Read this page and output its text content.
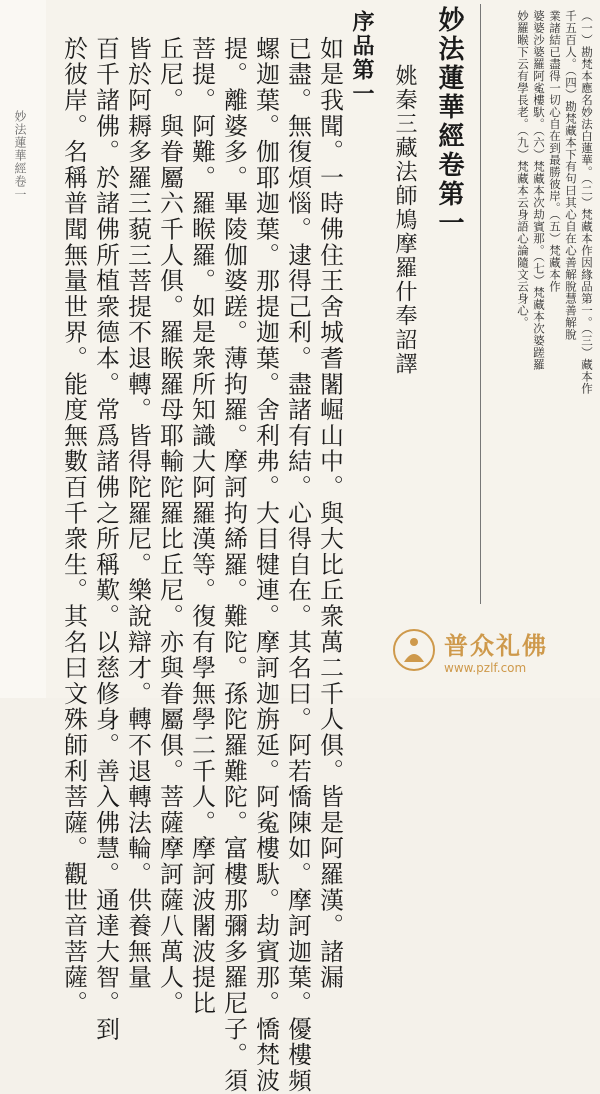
妙法蓮華經卷一	（一）勘梵本應名妙法白蓮華。（二）梵藏本作因緣品第一。（三）藏本作
千五百人。（四）勘梵藏本下有句曰其心自在心善解脫慧善解脫
業諸結已盡得一切心自在到最勝彼岸。（五）梵藏本作
婆婆沙婆羅阿㝹樓馱。（六）梵藏本次劫賓那。（七）梵藏本次婆蹉羅
妙羅睺下云有學長老。（九）梵藏本云身語心論隨文云身心。
妙法蓮華經卷第一
姚秦三藏法師鳩摩羅什奉詔譯
序品第一
如是我聞。一時佛住王舍城耆闍崛山中。與大比丘衆萬二千人俱。皆是阿羅漢。諸漏
已盡。無復煩惱。逮得己利。盡諸有結。心得自在。其名曰。阿若憍陳如。摩訶迦葉。優樓頻
螺迦葉。伽耶迦葉。那提迦葉。舍利弗。大目犍連。摩訶迦旃延。阿㝹樓馱。劫賓那。憍梵波
提。離婆多。畢陵伽婆蹉。薄拘羅。摩訶拘絺羅。難陀。孫陀羅難陀。富樓那彌多羅尼子。須
菩提。阿難。羅睺羅。如是衆所知識大阿羅漢等。復有學無學二千人。摩訶波闍波提比
丘尼。與眷屬六千人俱。羅睺羅母耶輸陀羅比丘尼。亦與眷屬俱。菩薩摩訶薩八萬人。
皆於阿耨多羅三藐三菩提不退轉。皆得陀羅尼。樂說辯才。轉不退轉法輪。供養無量
百千諸佛。於諸佛所植衆德本。常爲諸佛之所稱歎。以慈修身。善入佛慧。通達大智。到
於彼岸。名稱普聞無量世界。能度無數百千衆生。其名曰文殊師利菩薩。觀世音菩薩。	普众礼佛
www.pzlf.com
